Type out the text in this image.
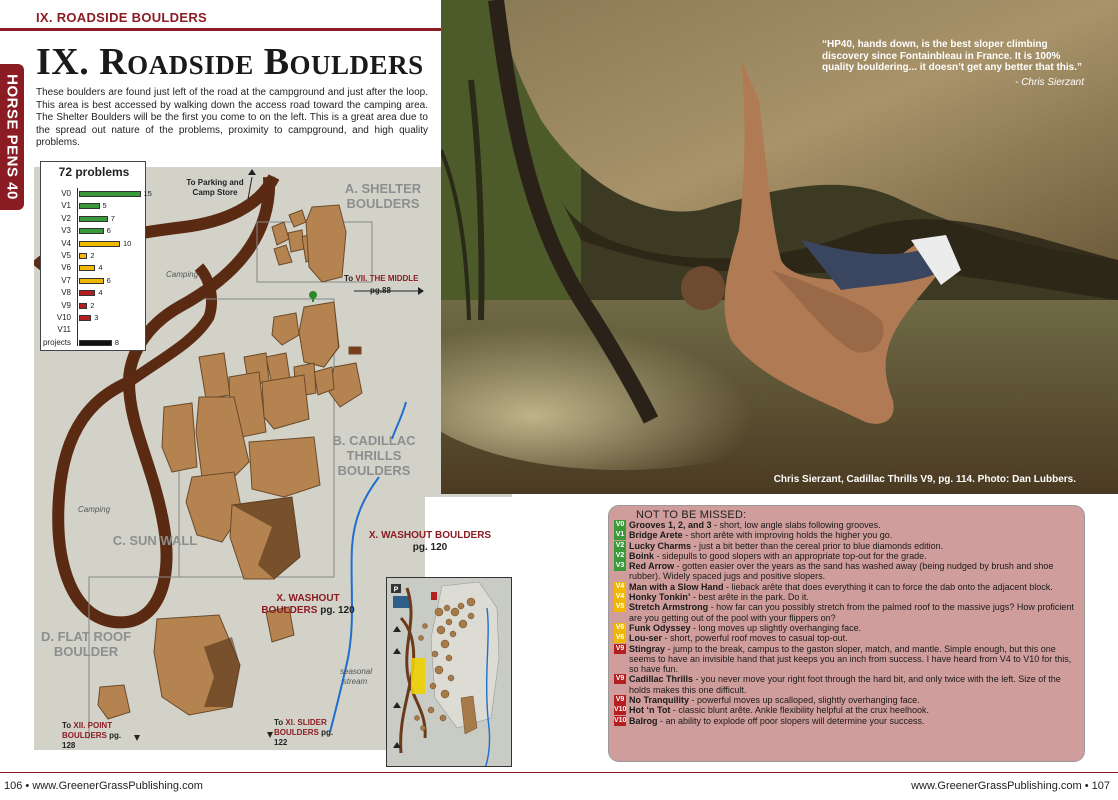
IX. ROADSIDE BOULDERS
HORSE PENS 40
IX. Roadside Boulders
These boulders are found just left of the road at the campground and just after the loop. This area is best accessed by walking down the access road toward the camping area. The Shelter Boulders will be the first you come to on the left. This is a great area due to the spread out nature of the problems, proximity to campground, and high quality problems.
72 problems
V0	15
V1	5
V2	7
V3	6
V4	10
V5	2
V6	4
V7	6
V8	4
V9	2
V10	3
V11
projects	8
To Parking and Camp Store
Camping
Camping
A. SHELTER BOULDERS
B. CADILLAC THRILLS BOULDERS
C. SUN WALL
D. FLAT ROOF BOULDER
To VII. THE MIDDLE
pg.88
X. WASHOUT
BOULDERS pg. 120
X. WASHOUT BOULDERS
pg. 120
seasonal stream
To XII. POINT BOULDERS pg. 128
To XI. SLIDER BOULDERS pg. 122
P
“HP40, hands down, is the best sloper climbing discovery since Fontainbleau in France. It is 100% quality bouldering... it doesn’t get any better that this.”
- Chris Sierzant
Chris Sierzant, Cadillac Thrills V9, pg. 114. Photo: Dan Lubbers.
NOT TO BE MISSED:
V0 Grooves 1, 2, and 3 - short, low angle slabs following grooves.
V1 Bridge Arete - short arête with improving holds the higher you go.
V2 Lucky Charms - just a bit better than the cereal prior to blue diamonds edition.
V2 Boink - sidepulls to good slopers with an appropriate top-out for the grade.
V3 Red Arrow - gotten easier over the years as the sand has washed away (being nudged by brush and shoe rubber). Widely spaced jugs and positive slopers.
V4 Man with a Slow Hand - lieback arête that does everything it can to force the dab onto the adjacent block.
V4 Honky Tonkin’ - best arête in the park. Do it.
V5 Stretch Armstrong - how far can you possibly stretch from the palmed roof to the massive jugs? How proficient are you getting out of the pool with your flippers on?
V6 Funk Odyssey - long moves up slightly overhanging face.
V6 Lou-ser - short, powerful roof moves to casual top-out.
V9 Stingray - jump to the break, campus to the gaston sloper, match, and mantle. Simple enough, but this one seems to have an invisible hand that just keeps you an inch from success. I have heard from V4 to V10 for this, so have fun.
V9 Cadillac Thrills - you never move your right foot through the hard bit, and only twice with the left. Size of the holds makes this one difficult.
V9 No Tranquility - powerful moves up scalloped, slightly overhanging face.
V10 Hot ‘n Tot - classic blunt arête. Ankle flexibility helpful at the crux heelhook.
V10 Balrog - an ability to explode off poor slopers will determine your success.
106 • www.GreenerGrassPublishing.com	www.GreenerGrassPublishing.com • 107
